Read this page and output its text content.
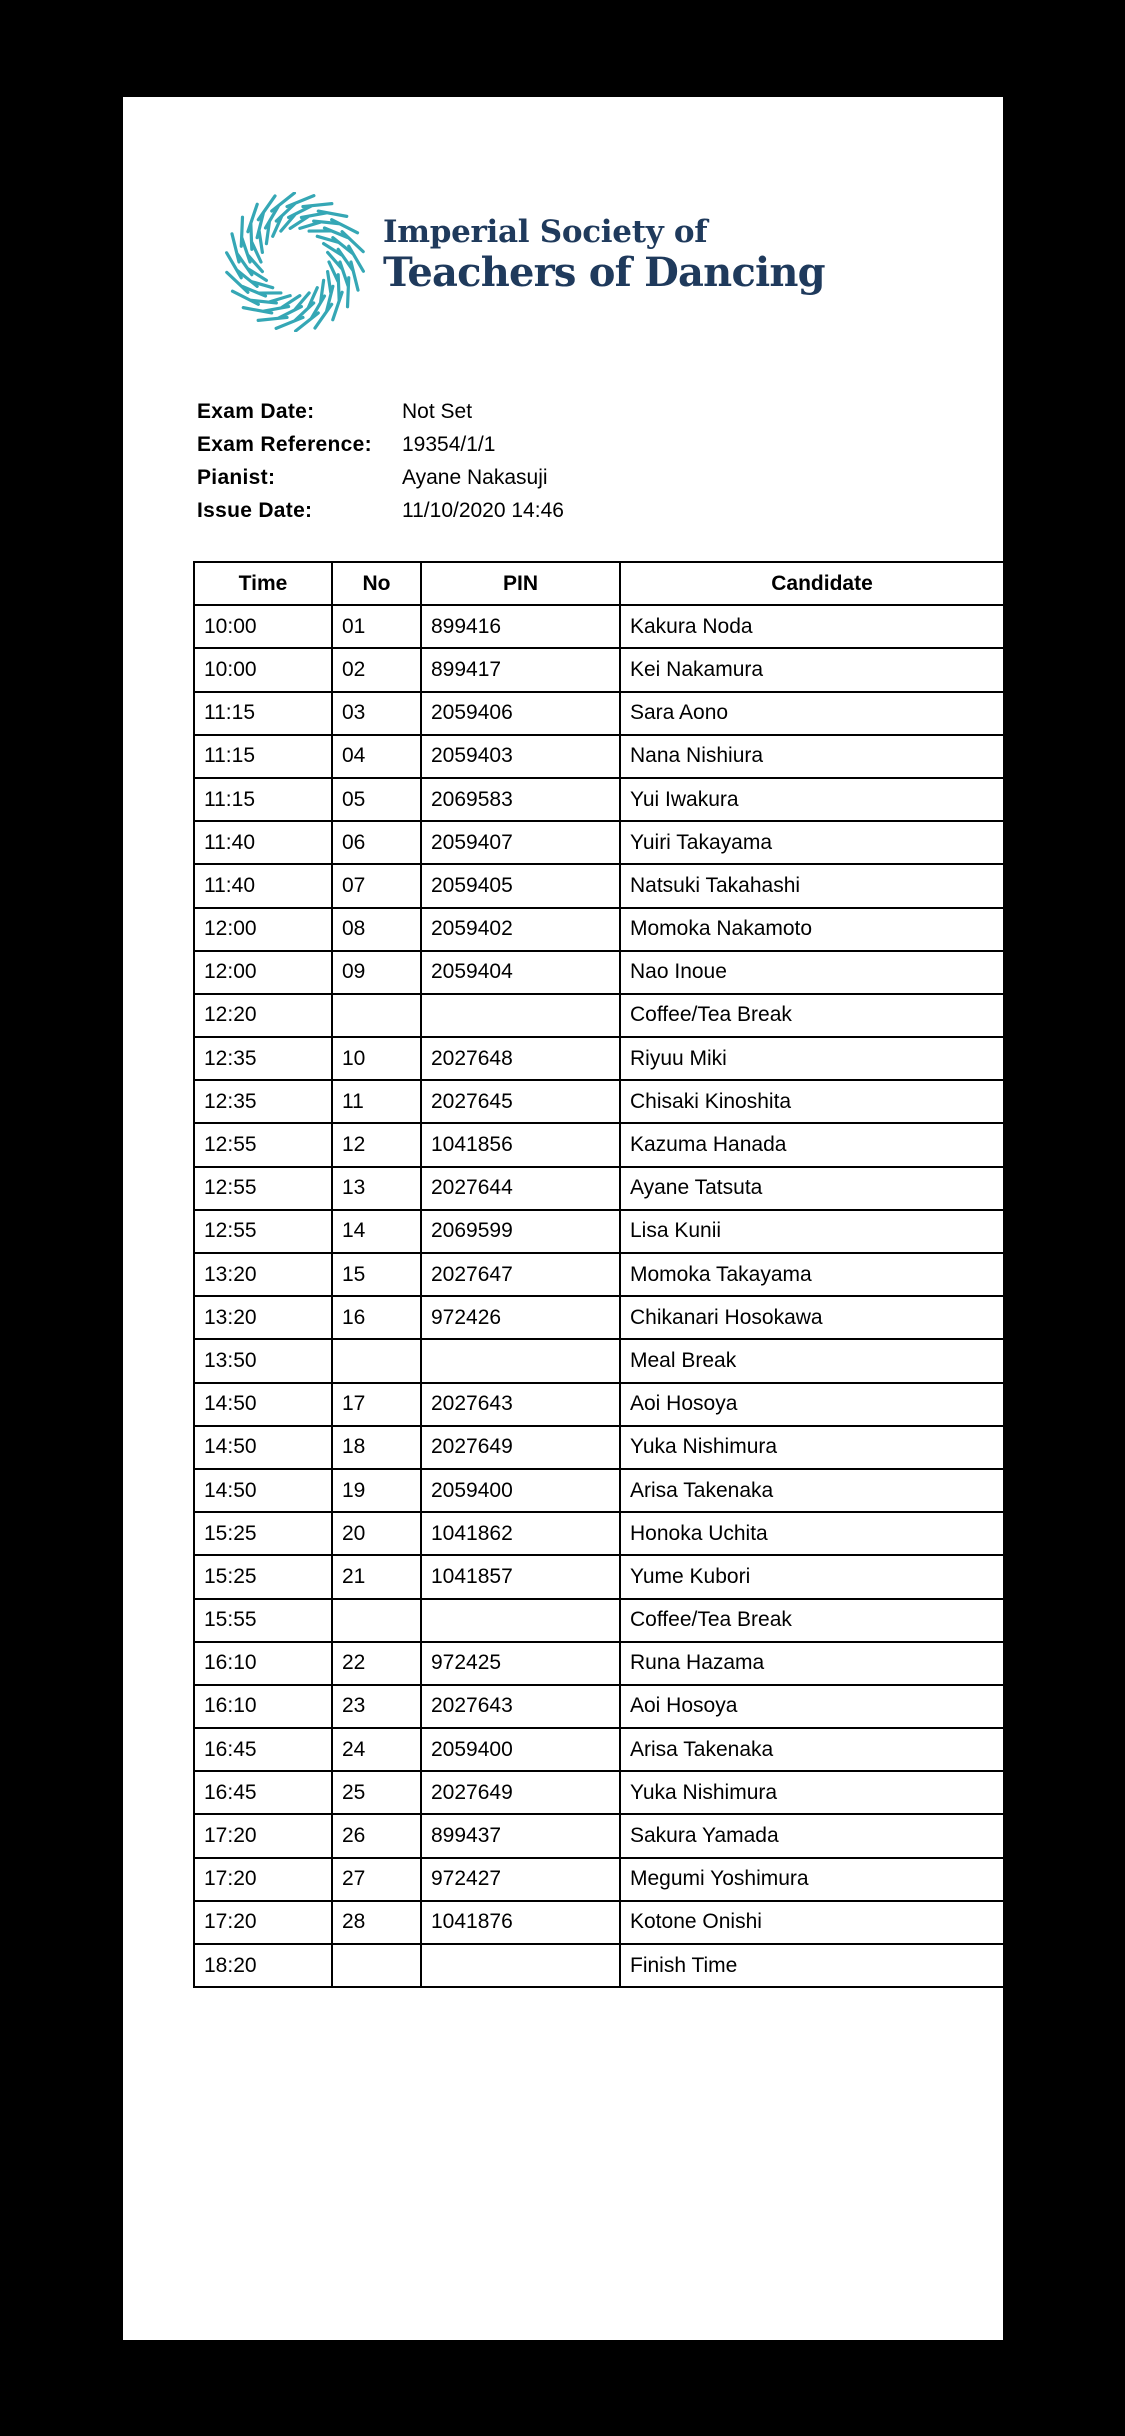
Imperial Society of
Teachers of Dancing
Exam Date:	Not Set
Exam Reference: 19354/1/1
Pianist:	Ayane Nakasuji
Issue Date:	11/10/2020 14:46
Time	No	PIN	Candidate
10:00	01	899416	Kakura Noda
10:00	02	899417	Kei Nakamura
11:15	03	2059406	Sara Aono
11:15	04	2059403	Nana Nishiura
11:15	05	2069583	Yui Iwakura
11:40	06	2059407	Yuiri Takayama
11:40	07	2059405	Natsuki Takahashi
12:00	08	2059402	Momoka Nakamoto
12:00	09	2059404	Nao Inoue
12:20			Coffee/Tea Break
12:35	10	2027648	Riyuu Miki
12:35	11	2027645	Chisaki Kinoshita
12:55	12	1041856	Kazuma Hanada
12:55	13	2027644	Ayane Tatsuta
12:55	14	2069599	Lisa Kunii
13:20	15	2027647	Momoka Takayama
13:20	16	972426	Chikanari Hosokawa
13:50			Meal Break
14:50	17	2027643	Aoi Hosoya
14:50	18	2027649	Yuka Nishimura
14:50	19	2059400	Arisa Takenaka
15:25	20	1041862	Honoka Uchita
15:25	21	1041857	Yume Kubori
15:55			Coffee/Tea Break
16:10	22	972425	Runa Hazama
16:10	23	2027643	Aoi Hosoya
16:45	24	2059400	Arisa Takenaka
16:45	25	2027649	Yuka Nishimura
17:20	26	899437	Sakura Yamada
17:20	27	972427	Megumi Yoshimura
17:20	28	1041876	Kotone Onishi
18:20			Finish Time
